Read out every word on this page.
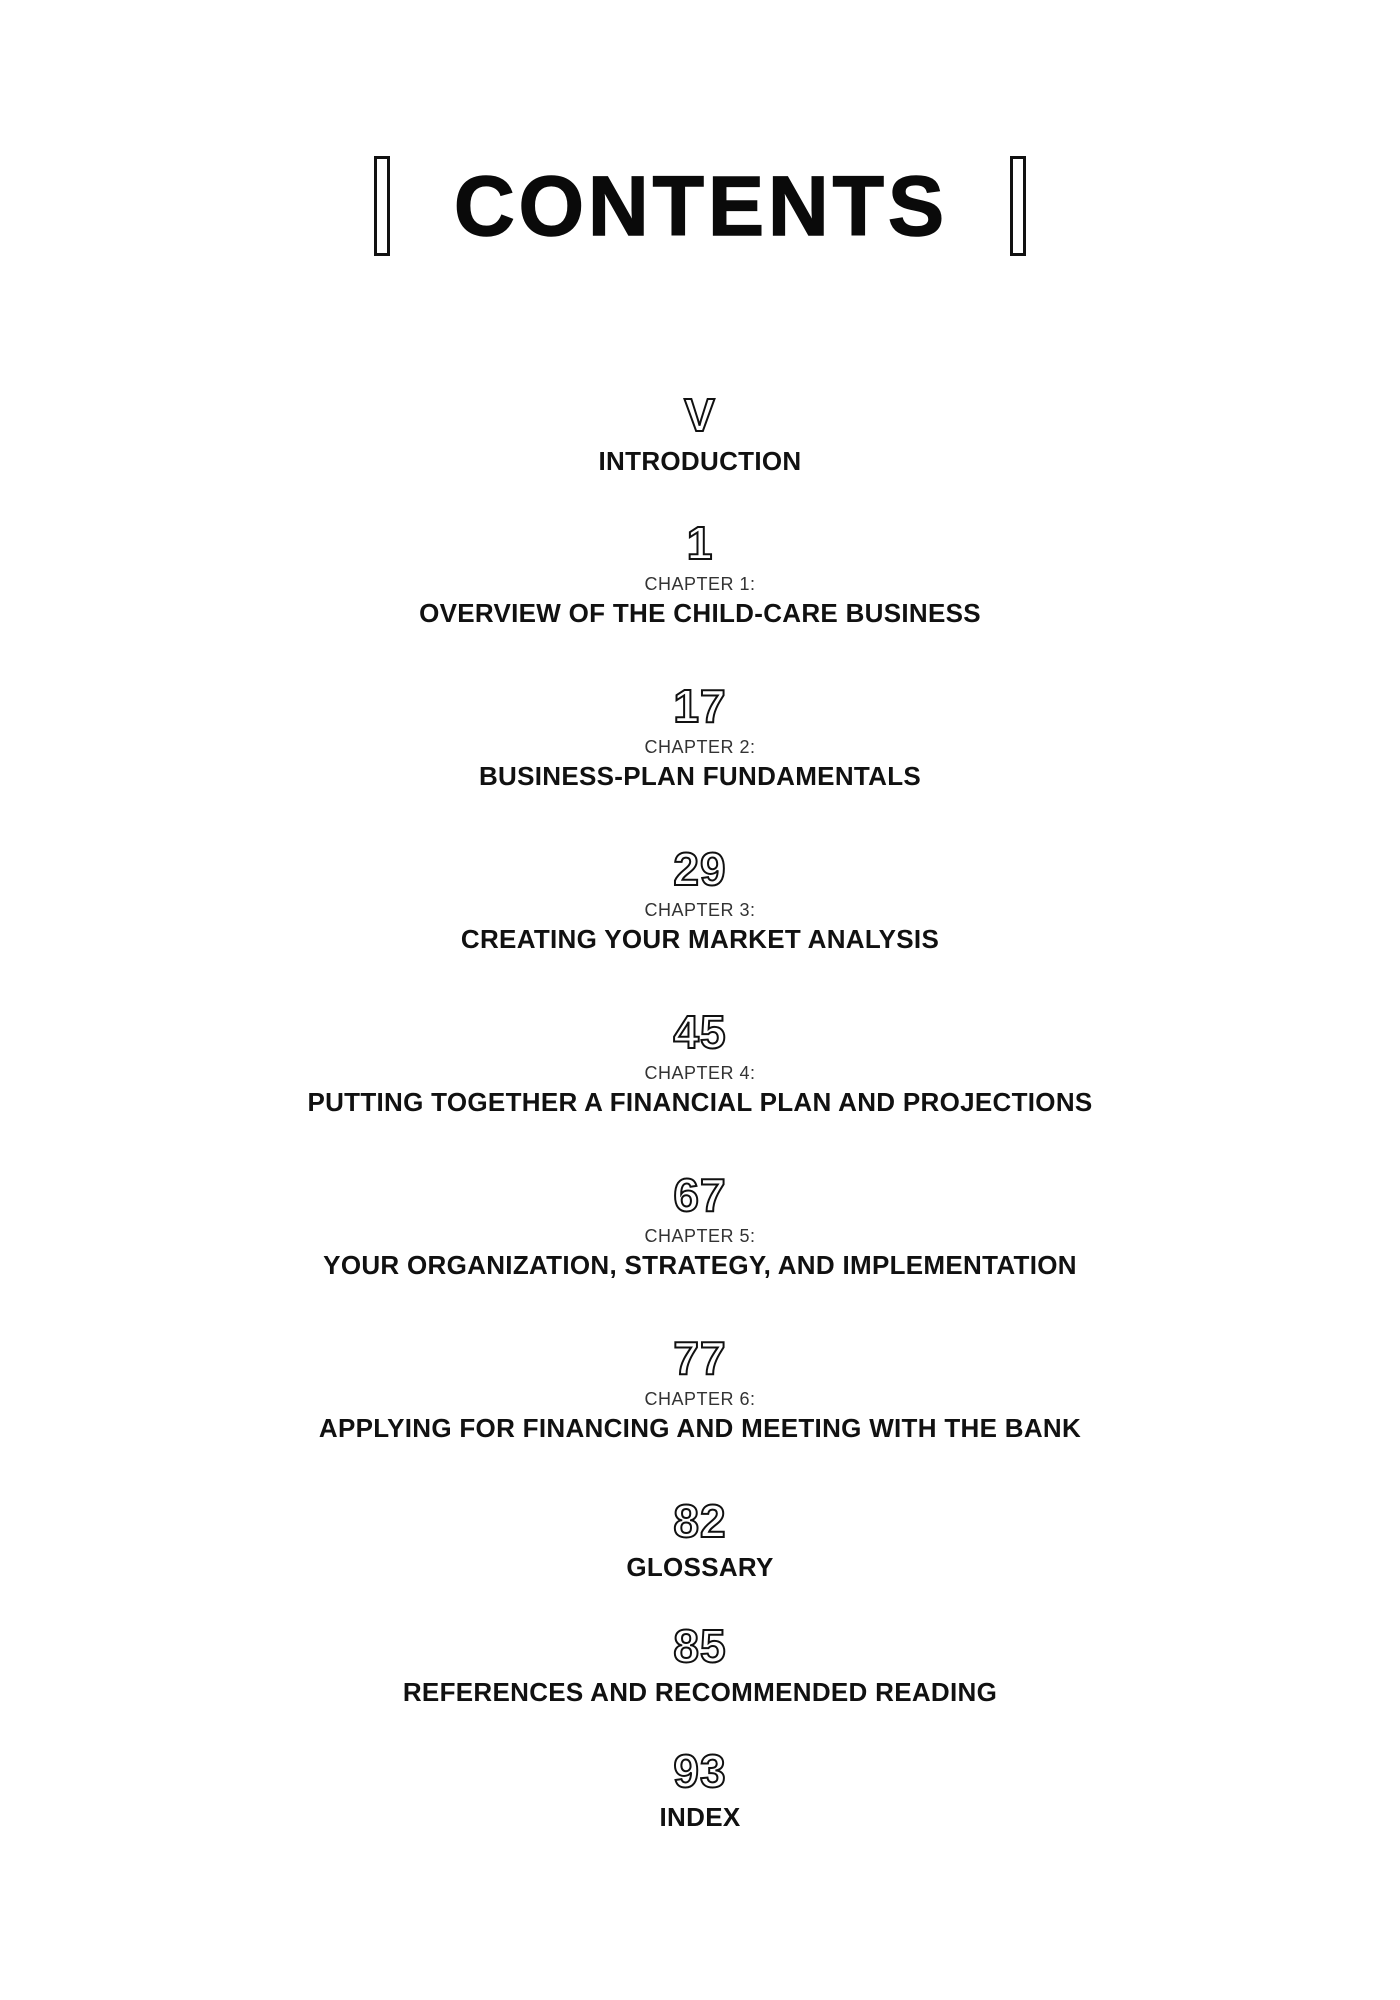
CONTENTS
V
INTRODUCTION
1
CHAPTER 1:
OVERVIEW OF THE CHILD-CARE BUSINESS
17
CHAPTER 2:
BUSINESS-PLAN FUNDAMENTALS
29
CHAPTER 3:
CREATING YOUR MARKET ANALYSIS
45
CHAPTER 4:
PUTTING TOGETHER A FINANCIAL PLAN AND PROJECTIONS
67
CHAPTER 5:
YOUR ORGANIZATION, STRATEGY, AND IMPLEMENTATION
77
CHAPTER 6:
APPLYING FOR FINANCING AND MEETING WITH THE BANK
82
GLOSSARY
85
REFERENCES AND RECOMMENDED READING
93
INDEX
